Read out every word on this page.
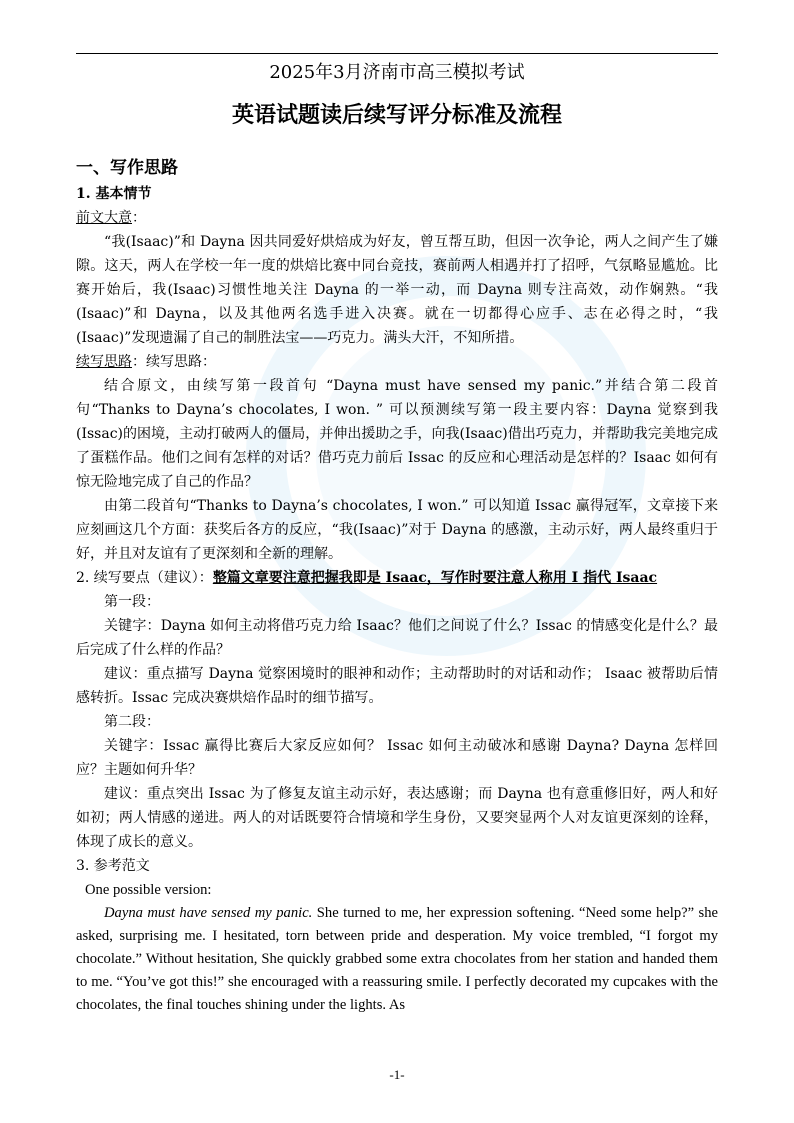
2025年3月济南市高三模拟考试
英语试题读后续写评分标准及流程
一、写作思路
1. 基本情节

前文大意：

“我(Isaac)”和 Dayna 因共同爱好烘焙成为好友，曾互帮互助，但因一次争论，两人之间产生了嫌隙。这天，两人在学校一年一度的烘焙比赛中同台竞技，赛前两人相遇并打了招呼，气氛略显尴尬。比赛开始后，我(Isaac)习惯性地关注 Dayna 的一举一动，而 Dayna 则专注高效，动作娴熟。“我(Isaac)”和 Dayna，以及其他两名选手进入决赛。就在一切都得心应手、志在必得之时，“我(Isaac)”发现遗漏了自己的制胜法宝——巧克力。满头大汗，不知所措。

续写思路：续写思路：

结合原文，由续写第一段首句 “Dayna must have sensed my panic.”并结合第二段首句“Thanks to Dayna’s chocolates, I won. ” 可以预测续写第一段主要内容：Dayna 觉察到我(Issac)的困境，主动打破两人的僵局，并伸出援助之手，向我(Isaac)借出巧克力，并帮助我完美地完成了蛋糕作品。他们之间有怎样的对话？借巧克力前后 Issac 的反应和心理活动是怎样的？Isaac 如何有惊无险地完成了自己的作品？

由第二段首句“Thanks to Dayna’s chocolates, I won.” 可以知道 Issac 赢得冠军，文章接下来应刻画这几个方面：获奖后各方的反应，“我(Isaac)”对于 Dayna 的感激，主动示好，两人最终重归于好，并且对友谊有了更深刻和全新的理解。

2. 续写要点（建议）：整篇文章要注意把握我即是 Isaac，写作时要注意人称用 I 指代 Isaac

第一段：

关键字：Dayna 如何主动将借巧克力给 Isaac？他们之间说了什么？Issac 的情感变化是什么？最后完成了什么样的作品？

建议：重点描写 Dayna 觉察困境时的眼神和动作；主动帮助时的对话和动作； Isaac 被帮助后情感转折。Issac 完成决赛烘焙作品时的细节描写。

第二段：

关键字：Issac 赢得比赛后大家反应如何？ Issac 如何主动破冰和感谢 Dayna? Dayna 怎样回应？主题如何升华？

建议：重点突出 Issac 为了修复友谊主动示好，表达感谢；而 Dayna 也有意重修旧好，两人和好如初；两人情感的递进。两人的对话既要符合情境和学生身份，又要突显两个人对友谊更深刻的诠释，体现了成长的意义。

3. 参考范文

One possible version:

Dayna must have sensed my panic. She turned to me, her expression softening. “Need some help?” she asked, surprising me. I hesitated, torn between pride and desperation. My voice trembled, “I forgot my chocolate.” Without hesitation, She quickly grabbed some extra chocolates from her station and handed them to me. “You’ve got this!” she encouraged with a reassuring smile. I perfectly decorated my cupcakes with the chocolates, the final touches shining under the lights. As

-1-
